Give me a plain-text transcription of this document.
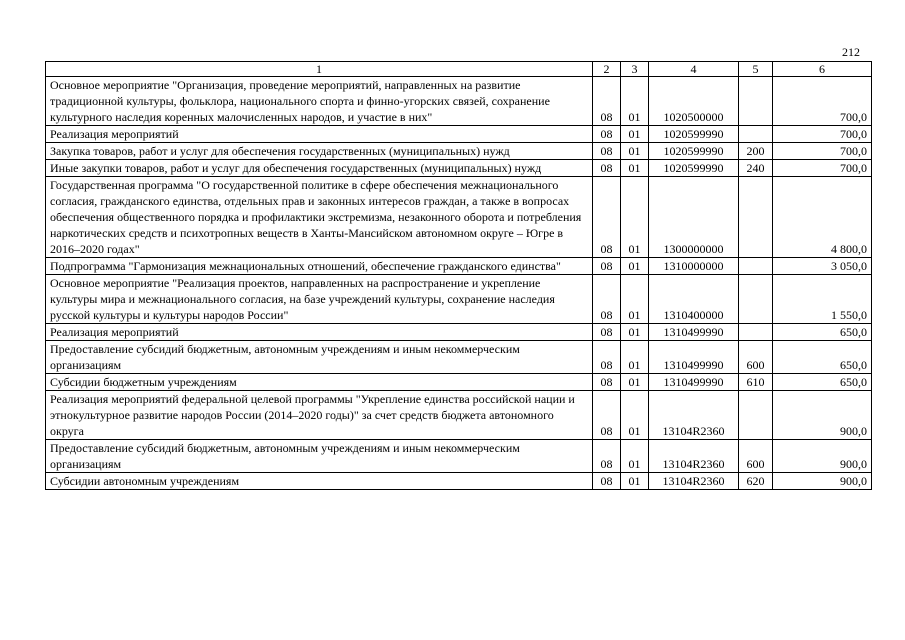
212
1	2	3	4	5	6
Основное мероприятие "Организация, проведение мероприятий, направленных на развитие традиционной культуры, фольклора, национального спорта и финно-угорских связей, сохранение культурного наследия коренных малочисленных народов, и участие в них"	08	01	1020500000		700,0
Реализация мероприятий	08	01	1020599990		700,0
Закупка товаров, работ и услуг для обеспечения государственных (муниципальных) нужд	08	01	1020599990	200	700,0
Иные закупки товаров, работ и услуг для обеспечения государственных (муниципальных) нужд	08	01	1020599990	240	700,0
Государственная программа "О государственной политике в сфере обеспечения межнационального согласия, гражданского единства, отдельных прав и законных интересов граждан, а также в вопросах обеспечения общественного порядка и профилактики экстремизма, незаконного оборота и потребления наркотических средств и психотропных веществ в Ханты-Мансийском автономном округе – Югре в 2016–2020 годах"	08	01	1300000000		4 800,0
Подпрограмма "Гармонизация межнациональных отношений, обеспечение гражданского единства"	08	01	1310000000		3 050,0
Основное мероприятие "Реализация проектов, направленных на распространение и укрепление культуры мира и межнационального согласия, на базе учреждений культуры, сохранение наследия русской культуры и культуры народов России"	08	01	1310400000		1 550,0
Реализация мероприятий	08	01	1310499990		650,0
Предоставление субсидий бюджетным, автономным учреждениям и иным некоммерческим организациям	08	01	1310499990	600	650,0
Субсидии бюджетным учреждениям	08	01	1310499990	610	650,0
Реализация мероприятий федеральной целевой программы "Укрепление единства российской нации и этнокультурное развитие народов России (2014–2020 годы)" за счет средств бюджета автономного округа	08	01	13104R2360		900,0
Предоставление субсидий бюджетным, автономным учреждениям и иным некоммерческим организациям	08	01	13104R2360	600	900,0
Субсидии автономным учреждениям	08	01	13104R2360	620	900,0
